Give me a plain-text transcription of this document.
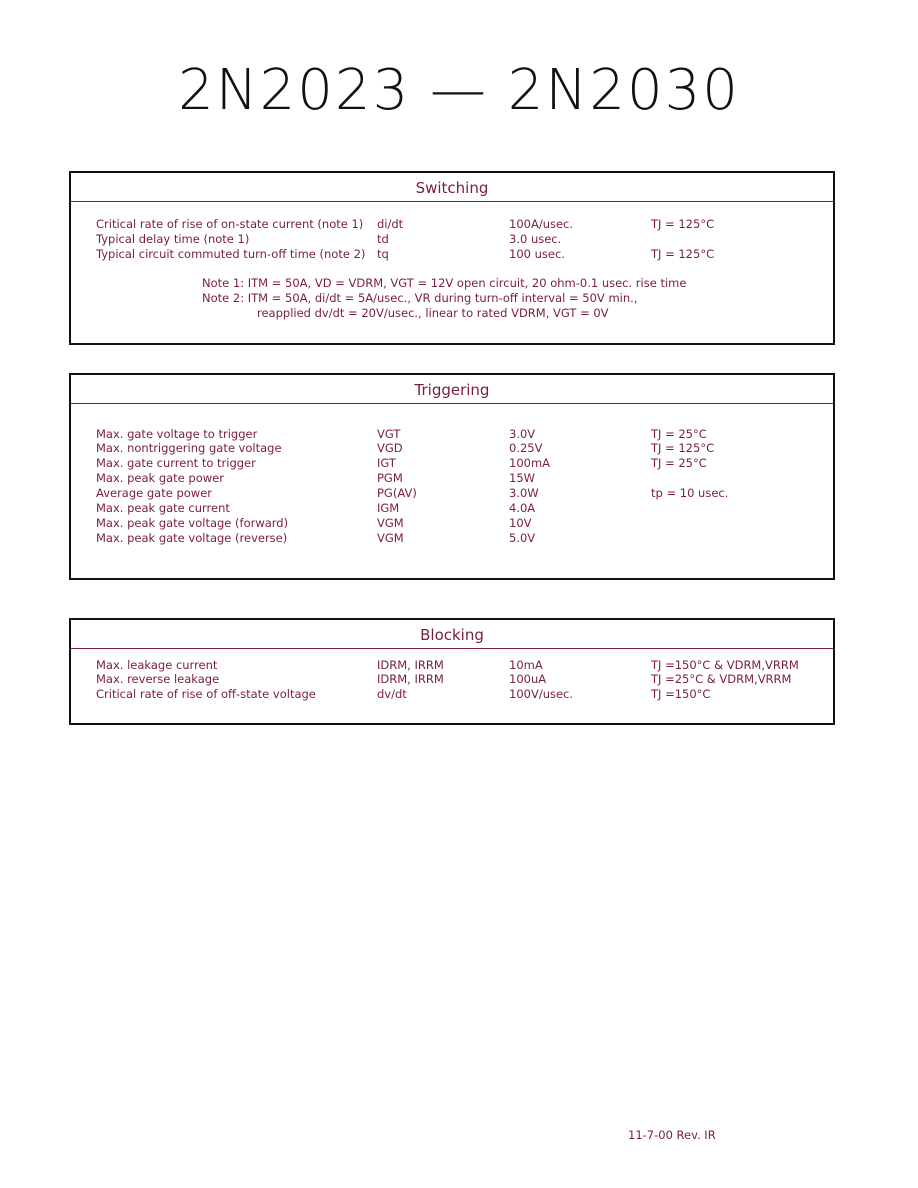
2N2023 — 2N2030
Switching
Critical rate of rise of on-state current (note 1) di/dt	100A/usec.	TJ = 125°C
Typical delay time (note 1)	td	3.0 usec.
Typical circuit commuted turn-off time (note 2) tq	100 usec.	TJ = 125°C
Note 1: ITM = 50A, VD = VDRM, VGT = 12V open circuit, 20 ohm-0.1 usec. rise time
Note 2: ITM = 50A, di/dt = 5A/usec., VR during turn-off interval = 50V min.,
reapplied dv/dt = 20V/usec., linear to rated VDRM, VGT = 0V
Triggering
Max. gate voltage to trigger	VGT	3.0V	TJ = 25°C
Max. nontriggering gate voltage	VGD	0.25V	TJ = 125°C
Max. gate current to trigger	IGT	100mA	TJ = 25°C
Max. peak gate power	PGM	15W
Average gate power	PG(AV)	3.0W	tp = 10 usec.
Max. peak gate current	IGM	4.0A
Max. peak gate voltage (forward)	VGM	10V
Max. peak gate voltage (reverse)	VGM	5.0V
Blocking
Max. leakage current	IDRM, IRRM	10mA	TJ =150°C & VDRM,VRRM
Max. reverse leakage	IDRM, IRRM	100uA	TJ =25°C & VDRM,VRRM
Critical rate of rise of off-state voltage	dv/dt	100V/usec.	TJ =150°C
11-7-00 Rev. IR
